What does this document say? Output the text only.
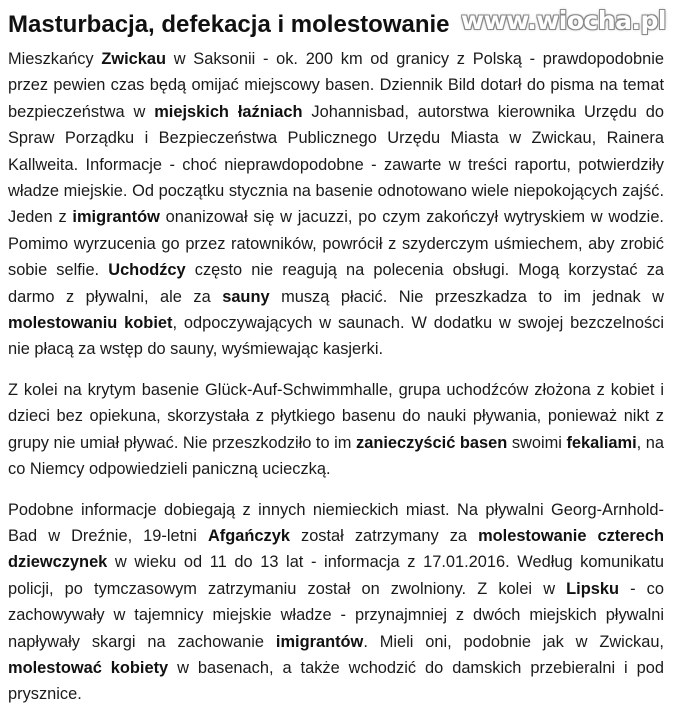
www.wiocha.pl
Masturbacja, defekacja i molestowanie

Mieszkańcy Zwickau w Saksonii - ok. 200 km od granicy z Polską - prawdopodobnie przez pewien czas będą omijać miejscowy basen. Dziennik Bild dotarł do pisma na temat bezpieczeństwa w miejskich łaźniach Johannisbad, autorstwa kierownika Urzędu do Spraw Porządku i Bezpieczeństwa Publicznego Urzędu Miasta w Zwickau, Rainera Kallweita. Informacje - choć nieprawdopodobne - zawarte w treści raportu, potwierdziły władze miejskie. Od początku stycznia na basenie odnotowano wiele niepokojących zajść. Jeden z imigrantów onanizował się w jacuzzi, po czym zakończył wytryskiem w wodzie. Pomimo wyrzucenia go przez ratowników, powrócił z szyderczym uśmiechem, aby zrobić sobie selfie. Uchodźcy często nie reagują na polecenia obsługi. Mogą korzystać za darmo z pływalni, ale za sauny muszą płacić. Nie przeszkadza to im jednak w molestowaniu kobiet, odpoczywających w saunach. W dodatku w swojej bezczelności nie płacą za wstęp do sauny, wyśmiewając kasjerki.

Z kolei na krytym basenie Glück-Auf-Schwimmhalle, grupa uchodźców złożona z kobiet i dzieci bez opiekuna, skorzystała z płytkiego basenu do nauki pływania, ponieważ nikt z grupy nie umiał pływać. Nie przeszkodziło to im zanieczyścić basen swoimi fekaliami, na co Niemcy odpowiedzieli paniczną ucieczką.

Podobne informacje dobiegają z innych niemieckich miast. Na pływalni Georg-Arnhold-Bad w Dreźnie, 19-letni Afgańczyk został zatrzymany za molestowanie czterech dziewczynek w wieku od 11 do 13 lat - informacja z 17.01.2016. Według komunikatu policji, po tymczasowym zatrzymaniu został on zwolniony. Z kolei w Lipsku - co zachowywały w tajemnicy miejskie władze - przynajmniej z dwóch miejskich pływalni napływały skargi na zachowanie imigrantów. Mieli oni, podobnie jak w Zwickau, molestować kobiety w basenach, a także wchodzić do damskich przebieralni i pod prysznice.
